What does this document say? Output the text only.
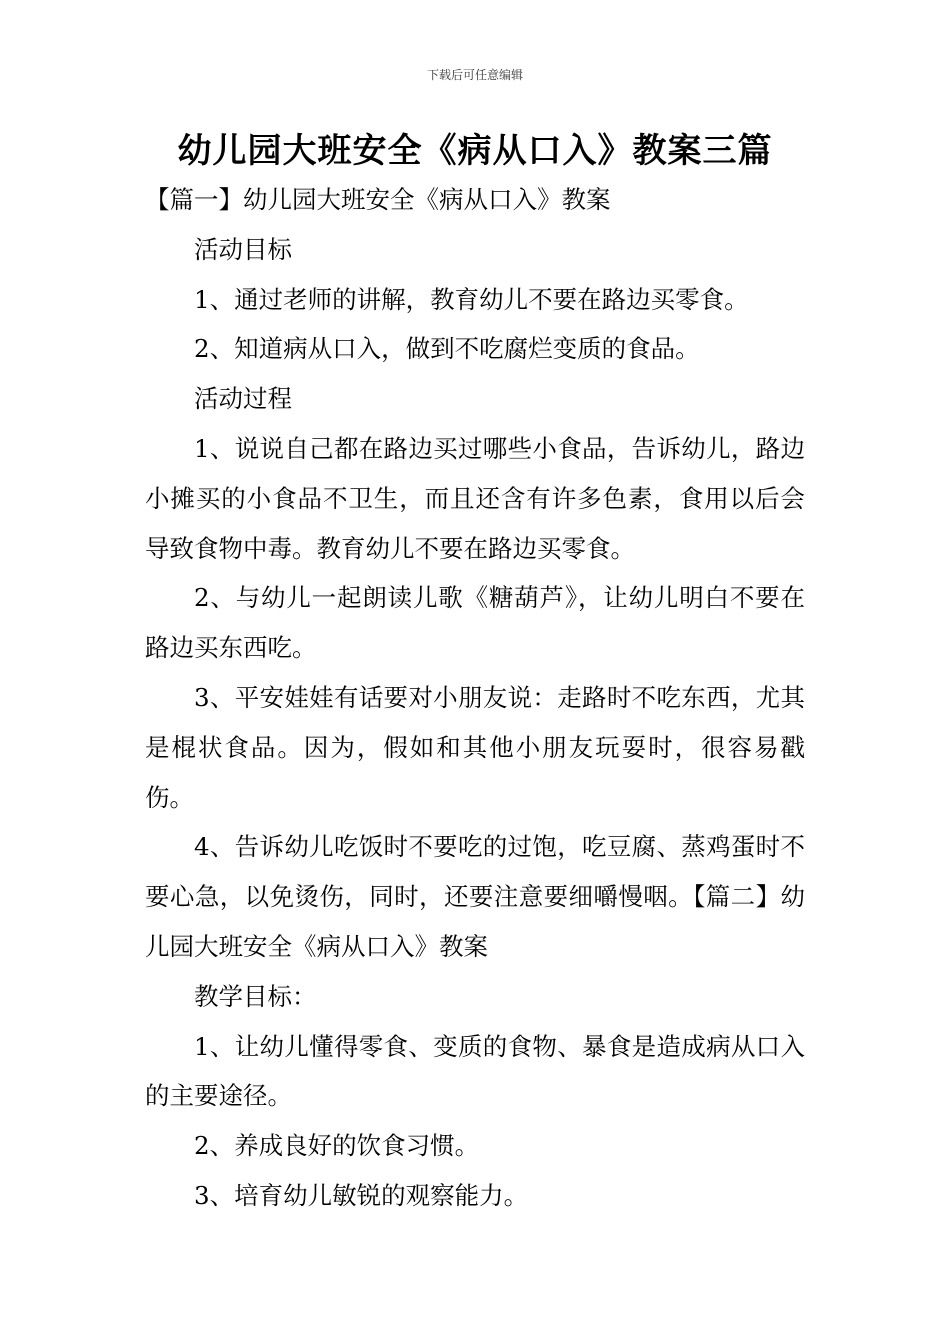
下载后可任意编辑
幼儿园大班安全《病从口入》教案三篇

【篇一】幼儿园大班安全《病从口入》教案

活动目标

1、通过老师的讲解，教育幼儿不要在路边买零食。

2、知道病从口入，做到不吃腐烂变质的食品。

活动过程

1、说说自己都在路边买过哪些小食品，告诉幼儿，路边小摊买的小食品不卫生，而且还含有许多色素，食用以后会导致食物中毒。教育幼儿不要在路边买零食。

2、与幼儿一起朗读儿歌《糖葫芦》，让幼儿明白不要在路边买东西吃。

3、平安娃娃有话要对小朋友说：走路时不吃东西，尤其是棍状食品。因为，假如和其他小朋友玩耍时，很容易戳伤。

4、告诉幼儿吃饭时不要吃的过饱，吃豆腐、蒸鸡蛋时不要心急，以免烫伤，同时，还要注意要细嚼慢咽。【篇二】幼儿园大班安全《病从口入》教案

教学目标：

1、让幼儿懂得零食、变质的食物、暴食是造成病从口入的主要途径。

2、养成良好的饮食习惯。

3、培育幼儿敏锐的观察能力。
